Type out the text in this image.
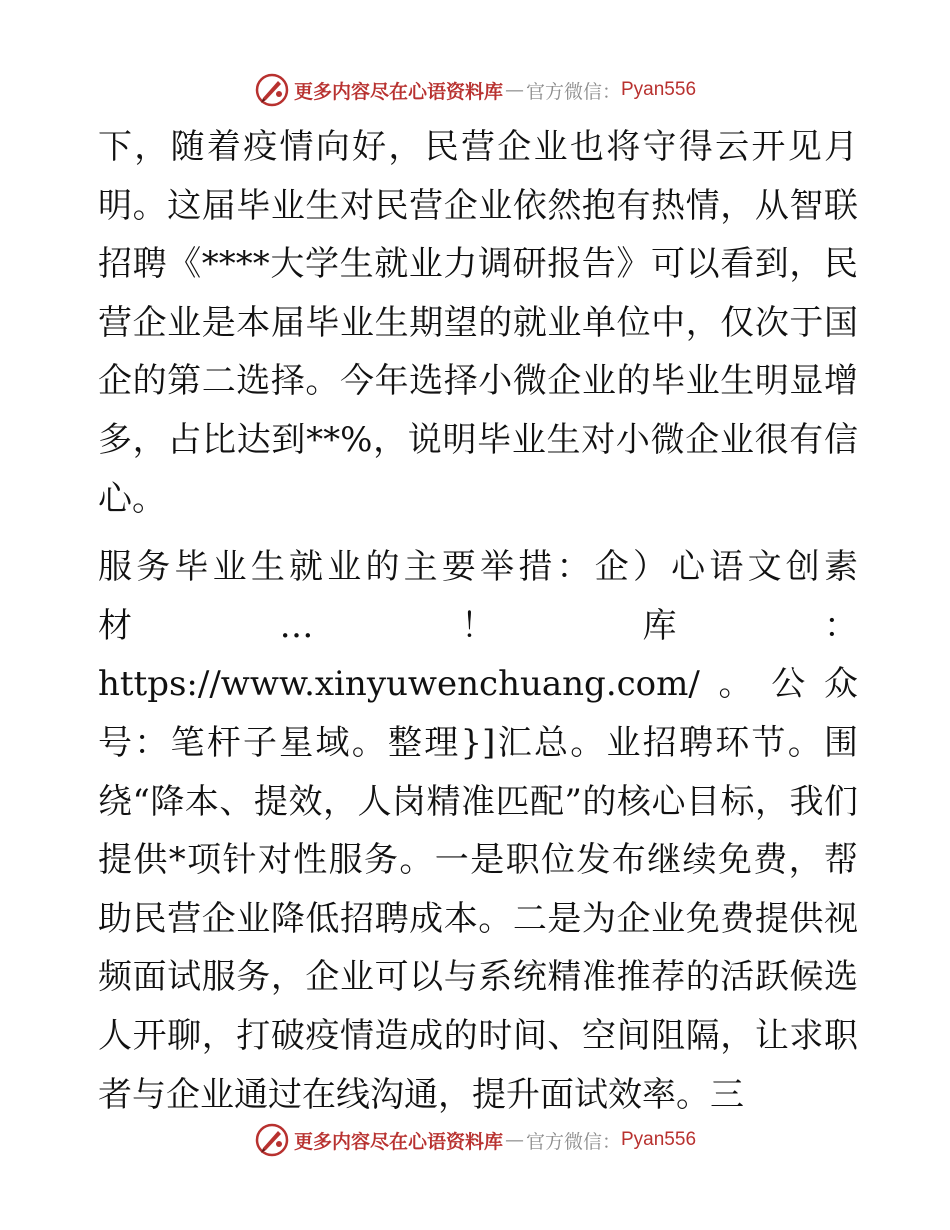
更多内容尽在心语资料库 — 官方微信： Pyan556

下，随着疫情向好，民营企业也将守得云开见月明。这届毕业生对民营企业依然抱有热情，从智联招聘《****大学生就业力调研报告》可以看到，民营企业是本届毕业生期望的就业单位中，仅次于国企的第二选择。今年选择小微企业的毕业生明显增多，占比达到**%，说明毕业生对小微企业很有信心。

服务毕业生就业的主要举措：企）心语文创素材…！库：https://www.xinyuwenchuang.com/。公众号：笔杆子星域。整理}]汇总。业招聘环节。围绕“降本、提效，人岗精准匹配”的核心目标，我们提供*项针对性服务。一是职位发布继续免费，帮助民营企业降低招聘成本。二是为企业免费提供视频面试服务，企业可以与系统精准推荐的活跃候选人开聊，打破疫情造成的时间、空间阻隔，让求职者与企业通过在线沟通，提升面试效率。三

更多内容尽在心语资料库 — 官方微信： Pyan556
